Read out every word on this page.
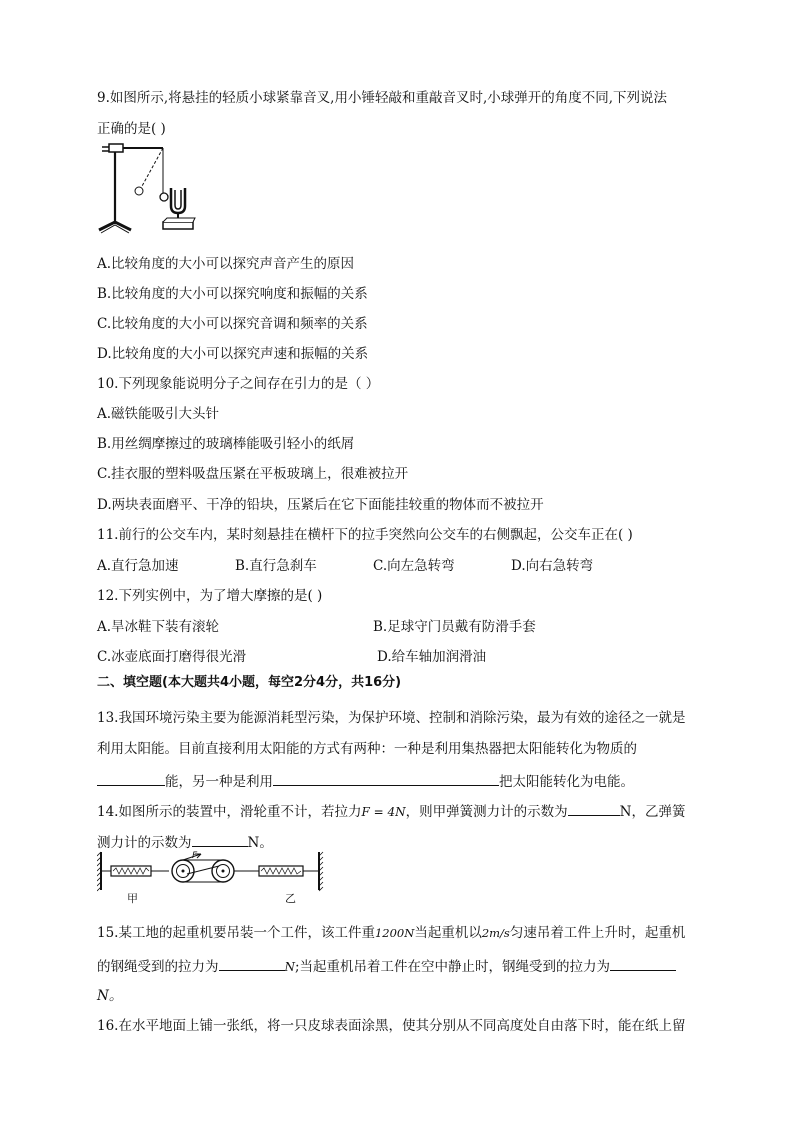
9.如图所示,将悬挂的轻质小球紧靠音叉,用小锤轻敲和重敲音叉时,小球弹开的角度不同,下列说法
正确的是( )
A.比较角度的大小可以探究声音产生的原因
B.比较角度的大小可以探究响度和振幅的关系
C.比较角度的大小可以探究音调和频率的关系
D.比较角度的大小可以探究声速和振幅的关系
10.下列现象能说明分子之间存在引力的是（ ）
A.磁铁能吸引大头针
B.用丝绸摩擦过的玻璃棒能吸引轻小的纸屑
C.挂衣服的塑料吸盘压紧在平板玻璃上，很难被拉开
D.两块表面磨平、干净的铅块，压紧后在它下面能挂较重的物体而不被拉开
11.前行的公交车内，某时刻悬挂在横杆下的拉手突然向公交车的右侧飘起，公交车正在( )
A.直行急加速	B.直行急刹车	C.向左急转弯	D.向右急转弯
12.下列实例中，为了增大摩擦的是( )
A.旱冰鞋下装有滚轮	B.足球守门员戴有防滑手套
C.冰壶底面打磨得很光滑	D.给车轴加润滑油
二、填空题(本大题共4小题，每空2分4分，共16分)
13.我国环境污染主要为能源消耗型污染，为保护环境、控制和消除污染，最为有效的途径之一就是
利用太阳能。目前直接利用太阳能的方式有两种：一种是利用集热器把太阳能转化为物质的
能，另一种是利用	把太阳能转化为电能。
14.如图所示的装置中，滑轮重不计，若拉力F = 4N，则甲弹簧测力计的示数为	N，乙弹簧
测力计的示数为	N。
F
甲	乙
15.某工地的起重机要吊装一个工件，该工件重1200N当起重机以2m/s匀速吊着工件上升时，起重机
的钢绳受到的拉力为	N;当起重机吊着工件在空中静止时，钢绳受到的拉力为
N。
16.在水平地面上铺一张纸，将一只皮球表面涂黑，使其分别从不同高度处自由落下时，能在纸上留
